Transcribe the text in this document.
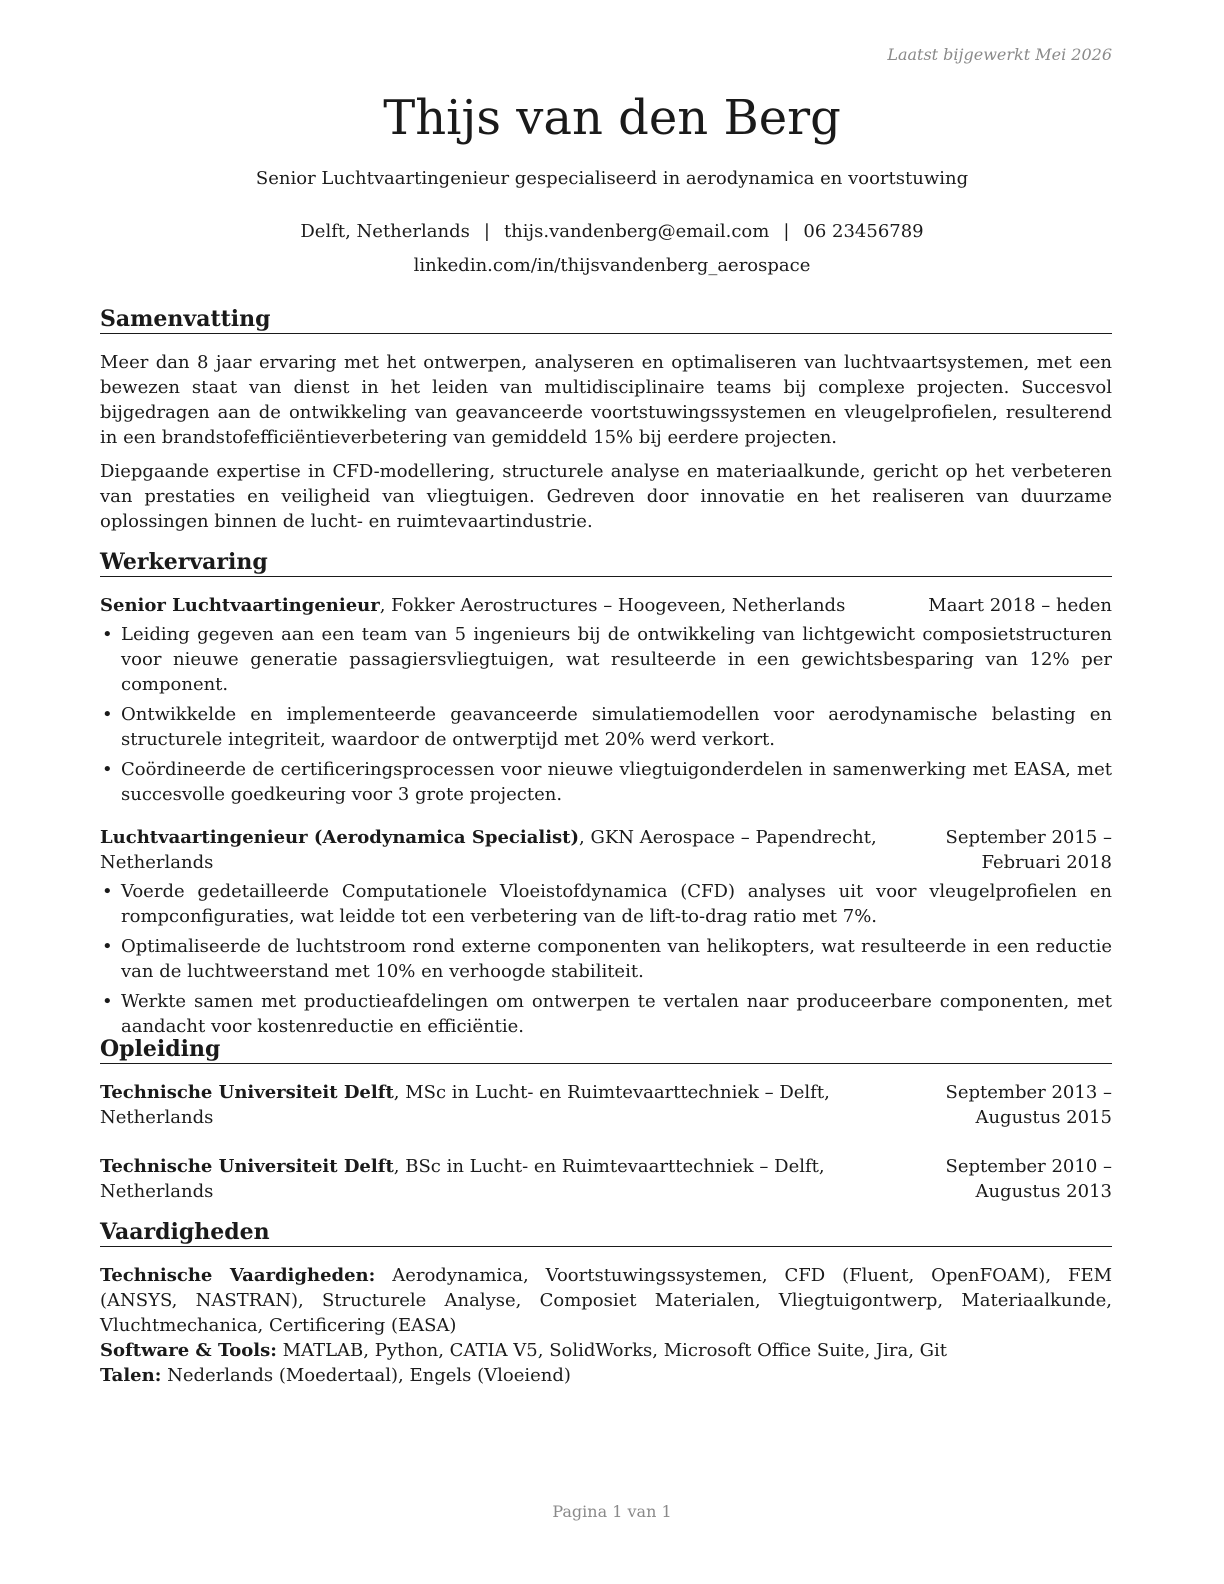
Laatst bijgewerkt Mei 2026

Thijs van den Berg

Senior Luchtvaartingenieur gespecialiseerd in aerodynamica en voortstuwing

Delft, Netherlands | thijs.vandenberg@email.com | 06 23456789

linkedin.com/in/thijsvandenberg_aerospace

Samenvatting

Meer dan 8 jaar ervaring met het ontwerpen, analyseren en optimaliseren van luchtvaartsystemen, met een bewezen staat van dienst in het leiden van multidisciplinaire teams bij complexe projecten. Succesvol bijgedragen aan de ontwikkeling van geavanceerde voortstuwingssystemen en vleugelprofielen, resulterend in een brandstofefficiëntieverbetering van gemiddeld 15% bij eerdere projecten.

Diepgaande expertise in CFD-modellering, structurele analyse en materiaalkunde, gericht op het verbeteren van prestaties en veiligheid van vliegtuigen. Gedreven door innovatie en het realiseren van duurzame oplossingen binnen de lucht- en ruimtevaartindustrie.

Werkervaring
Senior Luchtvaartingenieur, Fokker Aerostructures – Hoogeveen, Netherlands	Maart 2018 – heden
• Leiding gegeven aan een team van 5 ingenieurs bij de ontwikkeling van lichtgewicht composietstructuren voor nieuwe generatie passagiersvliegtuigen, wat resulteerde in een gewichtsbesparing van 12% per component.
• Ontwikkelde en implementeerde geavanceerde simulatiemodellen voor aerodynamische belasting en structurele integriteit, waardoor de ontwerptijd met 20% werd verkort.
• Coördineerde de certificeringsprocessen voor nieuwe vliegtuigonderdelen in samenwerking met EASA, met succesvolle goedkeuring voor 3 grote projecten.
Luchtvaartingenieur (Aerodynamica Specialist), GKN Aerospace – Papendrecht, Netherlands
September 2015 – Februari 2018
• Voerde gedetailleerde Computationele Vloeistofdynamica (CFD) analyses uit voor vleugelprofielen en rompconfiguraties, wat leidde tot een verbetering van de lift-to-drag ratio met 7%.
• Optimaliseerde de luchtstroom rond externe componenten van helikopters, wat resulteerde in een reductie van de luchtweerstand met 10% en verhoogde stabiliteit.
• Werkte samen met productieafdelingen om ontwerpen te vertalen naar produceerbare componenten, met aandacht voor kostenreductie en efficiëntie.
Opleiding
Technische Universiteit Delft, MSc in Lucht- en Ruimtevaarttechniek – Delft, Netherlands
September 2013 – Augustus 2015
Technische Universiteit Delft, BSc in Lucht- en Ruimtevaarttechniek – Delft, Netherlands
September 2010 – Augustus 2013
Vaardigheden

Technische Vaardigheden: Aerodynamica, Voortstuwingssystemen, CFD (Fluent, OpenFOAM), FEM (ANSYS, NASTRAN), Structurele Analyse, Composiet Materialen, Vliegtuigontwerp, Materiaalkunde, Vluchtmechanica, Certificering (EASA)

Software & Tools: MATLAB, Python, CATIA V5, SolidWorks, Microsoft Office Suite, Jira, Git

Talen: Nederlands (Moedertaal), Engels (Vloeiend)

Pagina 1 van 1
